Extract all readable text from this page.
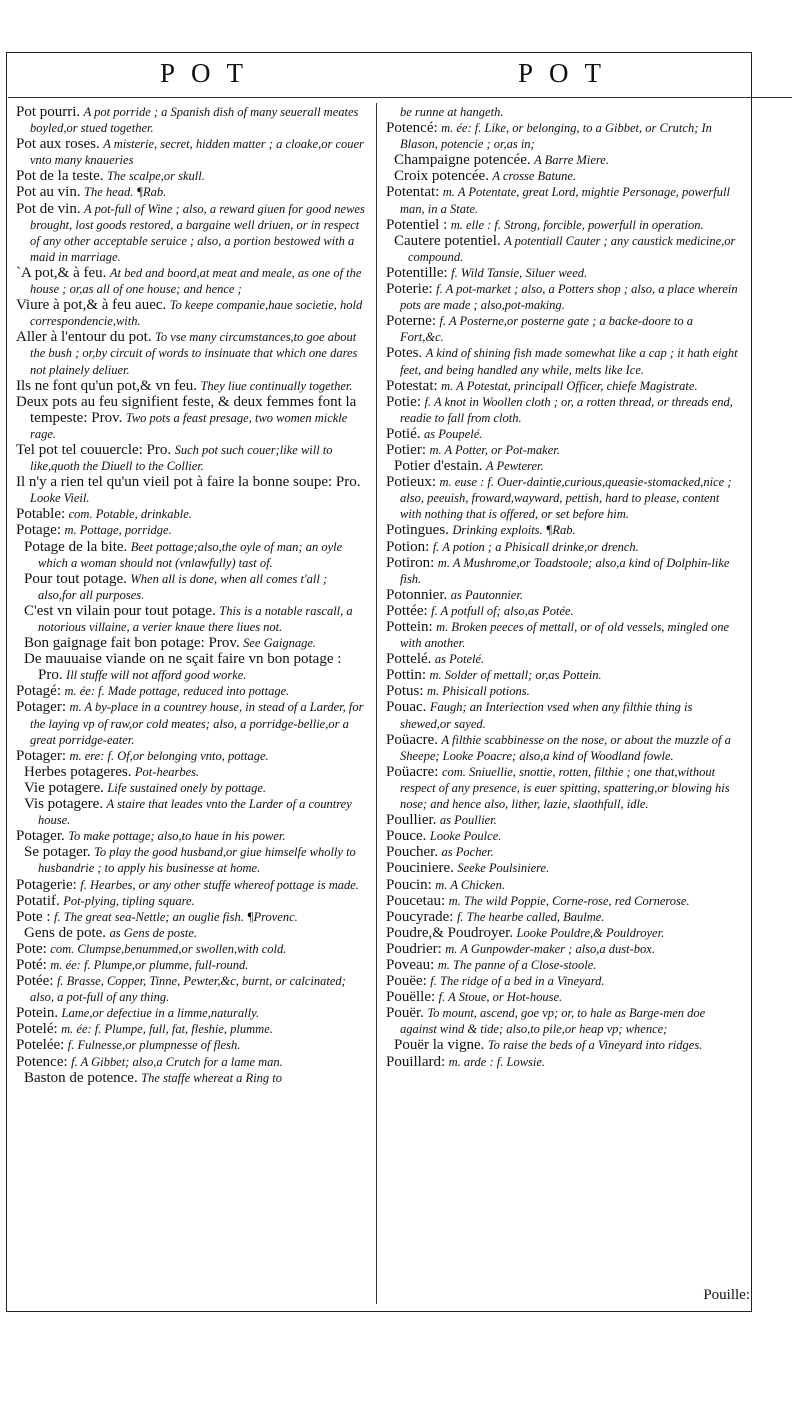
POT	POT

Pot pourri. A pot porride ; a Spanish dish of many seuerall meates boyled,or stued together.

Pot aux roses. A misterie, secret, hidden matter ; a cloake,or couer vnto many knaueries

Pot de la teste. The scalpe,or skull.

Pot au vin. The head. ¶Rab.

Pot de vin. A pot-full of Wine ; also, a reward giuen for good newes brought, lost goods restored, a bargaine well driuen, or in respect of any other acceptable seruice ; also, a portion bestowed with a maid in marriage.

`A pot,& à feu. At bed and boord,at meat and meale, as one of the house ; or,as all of one house; and hence ;

Viure à pot,& à feu auec. To keepe companie,haue societie, hold correspondencie,with.

Aller à l'entour du pot. To vse many circumstances,to goe about the bush ; or,by circuit of words to insinuate that which one dares not plainely deliuer.

Ils ne font qu'un pot,& vn feu. They liue continually together.

Deux pots au feu signifient feste, & deux femmes font la tempeste: Prov. Two pots a feast presage, two women mickle rage.

Tel pot tel couuercle: Pro. Such pot such couer;like will to like,quoth the Diuell to the Collier.

Il n'y a rien tel qu'un vieil pot à faire la bonne soupe: Pro. Looke Vieil.

Potable: com. Potable, drinkable.

Potage: m. Pottage, porridge.

Potage de la bite. Beet pottage;also,the oyle of man; an oyle which a woman should not (vnlawfully) tast of.

Pour tout potage. When all is done, when all comes t'all ; also,for all purposes.

C'est vn vilain pour tout potage. This is a notable rascall, a notorious villaine, a verier knaue there liues not.

Bon gaignage fait bon potage: Prov. See Gaignage.

De mauuaise viande on ne sçait faire vn bon potage : Pro. Ill stuffe will not afford good worke.

Potagé: m. ée: f. Made pottage, reduced into pottage.

Potager: m. A by-place in a countrey house, in stead of a Larder, for the laying vp of raw,or cold meates; also, a porridge-bellie,or a great porridge-eater.

Potager: m. ere: f. Of,or belonging vnto, pottage.

Herbes potageres. Pot-hearbes.

Vie potagere. Life sustained onely by pottage.

Vis potagere. A staire that leades vnto the Larder of a countrey house.

Potager. To make pottage; also,to haue in his power.

Se potager. To play the good husband,or giue himselfe wholly to husbandrie ; to apply his businesse at home.

Potagerie: f. Hearbes, or any other stuffe whereof pottage is made.

Potatif. Pot-plying, tipling square.

Pote : f. The great sea-Nettle; an ouglie fish. ¶Provenc.

Gens de pote. as Gens de poste.

Pote: com. Clumpse,benummed,or swollen,with cold.

Poté: m. ée: f. Plumpe,or plumme, full-round.

Potée: f. Brasse, Copper, Tinne, Pewter,&c, burnt, or calcinated; also, a pot-full of any thing.

Potein. Lame,or defectiue in a limme,naturally.

Potelé: m. ée: f. Plumpe, full, fat, fleshie, plumme.

Potelée: f. Fulnesse,or plumpnesse of flesh.

Potence: f. A Gibbet; also,a Crutch for a lame man.

Baston de potence. The staffe whereat a Ring to

be runne at hangeth.

Potencé: m. ée: f. Like, or belonging, to a Gibbet, or Crutch; In Blason, potencie ; or,as in;

Champaigne potencée. A Barre Miere.

Croix potencée. A crosse Batune.

Potentat: m. A Potentate, great Lord, mightie Personage, powerfull man, in a State.

Potentiel : m. elle : f. Strong, forcible, powerfull in operation.

Cautere potentiel. A potentiall Cauter ; any caustick medicine,or compound.

Potentille: f. Wild Tansie, Siluer weed.

Poterie: f. A pot-market ; also, a Potters shop ; also, a place wherein pots are made ; also,pot-making.

Poterne: f. A Posterne,or posterne gate ; a backe-doore to a Fort,&c.

Potes. A kind of shining fish made somewhat like a cap ; it hath eight feet, and being handled any while, melts like Ice.

Potestat: m. A Potestat, principall Officer, chiefe Magistrate.

Potie: f. A knot in Woollen cloth ; or, a rotten thread, or threads end, readie to fall from cloth.

Potié. as Poupelé.

Potier: m. A Potter, or Pot-maker.

Potier d'estain. A Pewterer.

Potieux: m. euse : f. Ouer-daintie,curious,queasie-stomacked,nice ; also, peeuish, froward,wayward, pettish, hard to please, content with nothing that is offered, or set before him.

Potingues. Drinking exploits. ¶Rab.

Potion: f. A potion ; a Phisicall drinke,or drench.

Potiron: m. A Mushrome,or Toadstoole; also,a kind of Dolphin-like fish.

Potonnier. as Pautonnier.

Pottée: f. A potfull of; also,as Potée.

Pottein: m. Broken peeces of mettall, or of old vessels, mingled one with another.

Pottelé. as Potelé.

Pottin: m. Solder of mettall; or,as Pottein.

Potus: m. Phisicall potions.

Pouac. Faugh; an Interiection vsed when any filthie thing is shewed,or sayed.

Poüacre. A filthie scabbinesse on the nose, or about the muzzle of a Sheepe; Looke Poacre; also,a kind of Woodland fowle.

Poüacre: com. Sniuellie, snottie, rotten, filthie ; one that,without respect of any presence, is euer spitting, spattering,or blowing his nose; and hence also, lither, lazie, slaothfull, idle.

Poullier. as Poullier.

Pouce. Looke Poulce.

Poucher. as Pocher.

Pouciniere. Seeke Poulsiniere.

Poucin: m. A Chicken.

Poucetau: m. The wild Poppie, Corne-rose, red Cornerose.

Poucyrade: f. The hearbe called, Baulme.

Poudre,& Poudroyer. Looke Pouldre,& Pouldroyer.

Poudrier: m. A Gunpowder-maker ; also,a dust-box.

Poveau: m. The panne of a Close-stoole.

Pouëe: f. The ridge of a bed in a Vineyard.

Pouëlle: f. A Stoue, or Hot-house.

Pouër. To mount, ascend, goe vp; or, to hale as Barge-men doe against wind & tide; also,to pile,or heap vp; whence;

Pouër la vigne. To raise the beds of a Vineyard into ridges.

Pouillard: m. arde : f. Lowsie.

Pouille:
